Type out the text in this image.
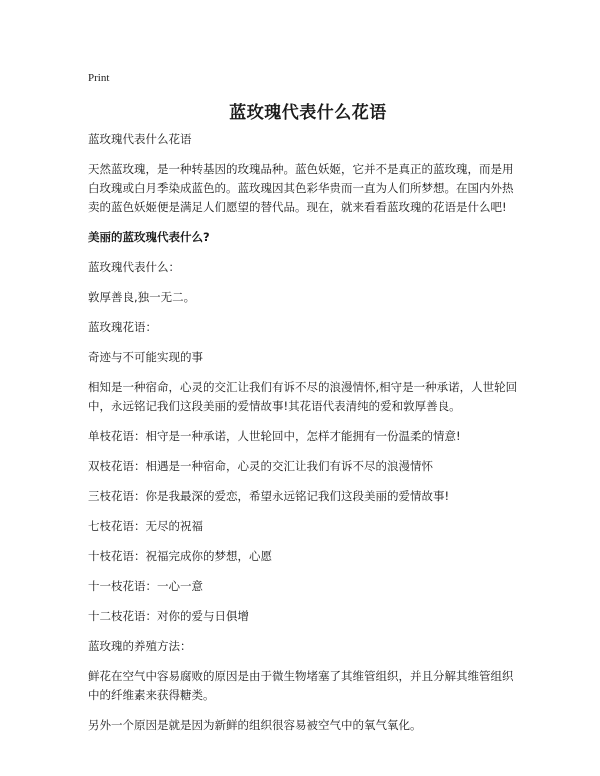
Print
蓝玫瑰代表什么花语

蓝玫瑰代表什么花语

天然蓝玫瑰，是一种转基因的玫瑰品种。蓝色妖姬，它并不是真正的蓝玫瑰，而是用白玫瑰或白月季染成蓝色的。蓝玫瑰因其色彩华贵而一直为人们所梦想。在国内外热卖的蓝色妖姬便是满足人们愿望的替代品。现在，就来看看蓝玫瑰的花语是什么吧!

美丽的蓝玫瑰代表什么?

蓝玫瑰代表什么：

敦厚善良,独一无二。

蓝玫瑰花语：

奇迹与不可能实现的事

相知是一种宿命，心灵的交汇让我们有诉不尽的浪漫情怀,相守是一种承诺，人世轮回中，永远铭记我们这段美丽的爱情故事!其花语代表清纯的爱和敦厚善良。

单枝花语：相守是一种承诺，人世轮回中，怎样才能拥有一份温柔的情意!

双枝花语：相遇是一种宿命，心灵的交汇让我们有诉不尽的浪漫情怀

三枝花语：你是我最深的爱恋，希望永远铭记我们这段美丽的爱情故事!

七枝花语：无尽的祝福

十枝花语：祝福完成你的梦想，心愿

十一枝花语：一心一意

十二枝花语：对你的爱与日俱增

蓝玫瑰的养殖方法：

鲜花在空气中容易腐败的原因是由于微生物堵塞了其维管组织，并且分解其维管组织中的纤维素来获得糖类。

另外一个原因是就是因为新鲜的组织很容易被空气中的氧气氧化。
